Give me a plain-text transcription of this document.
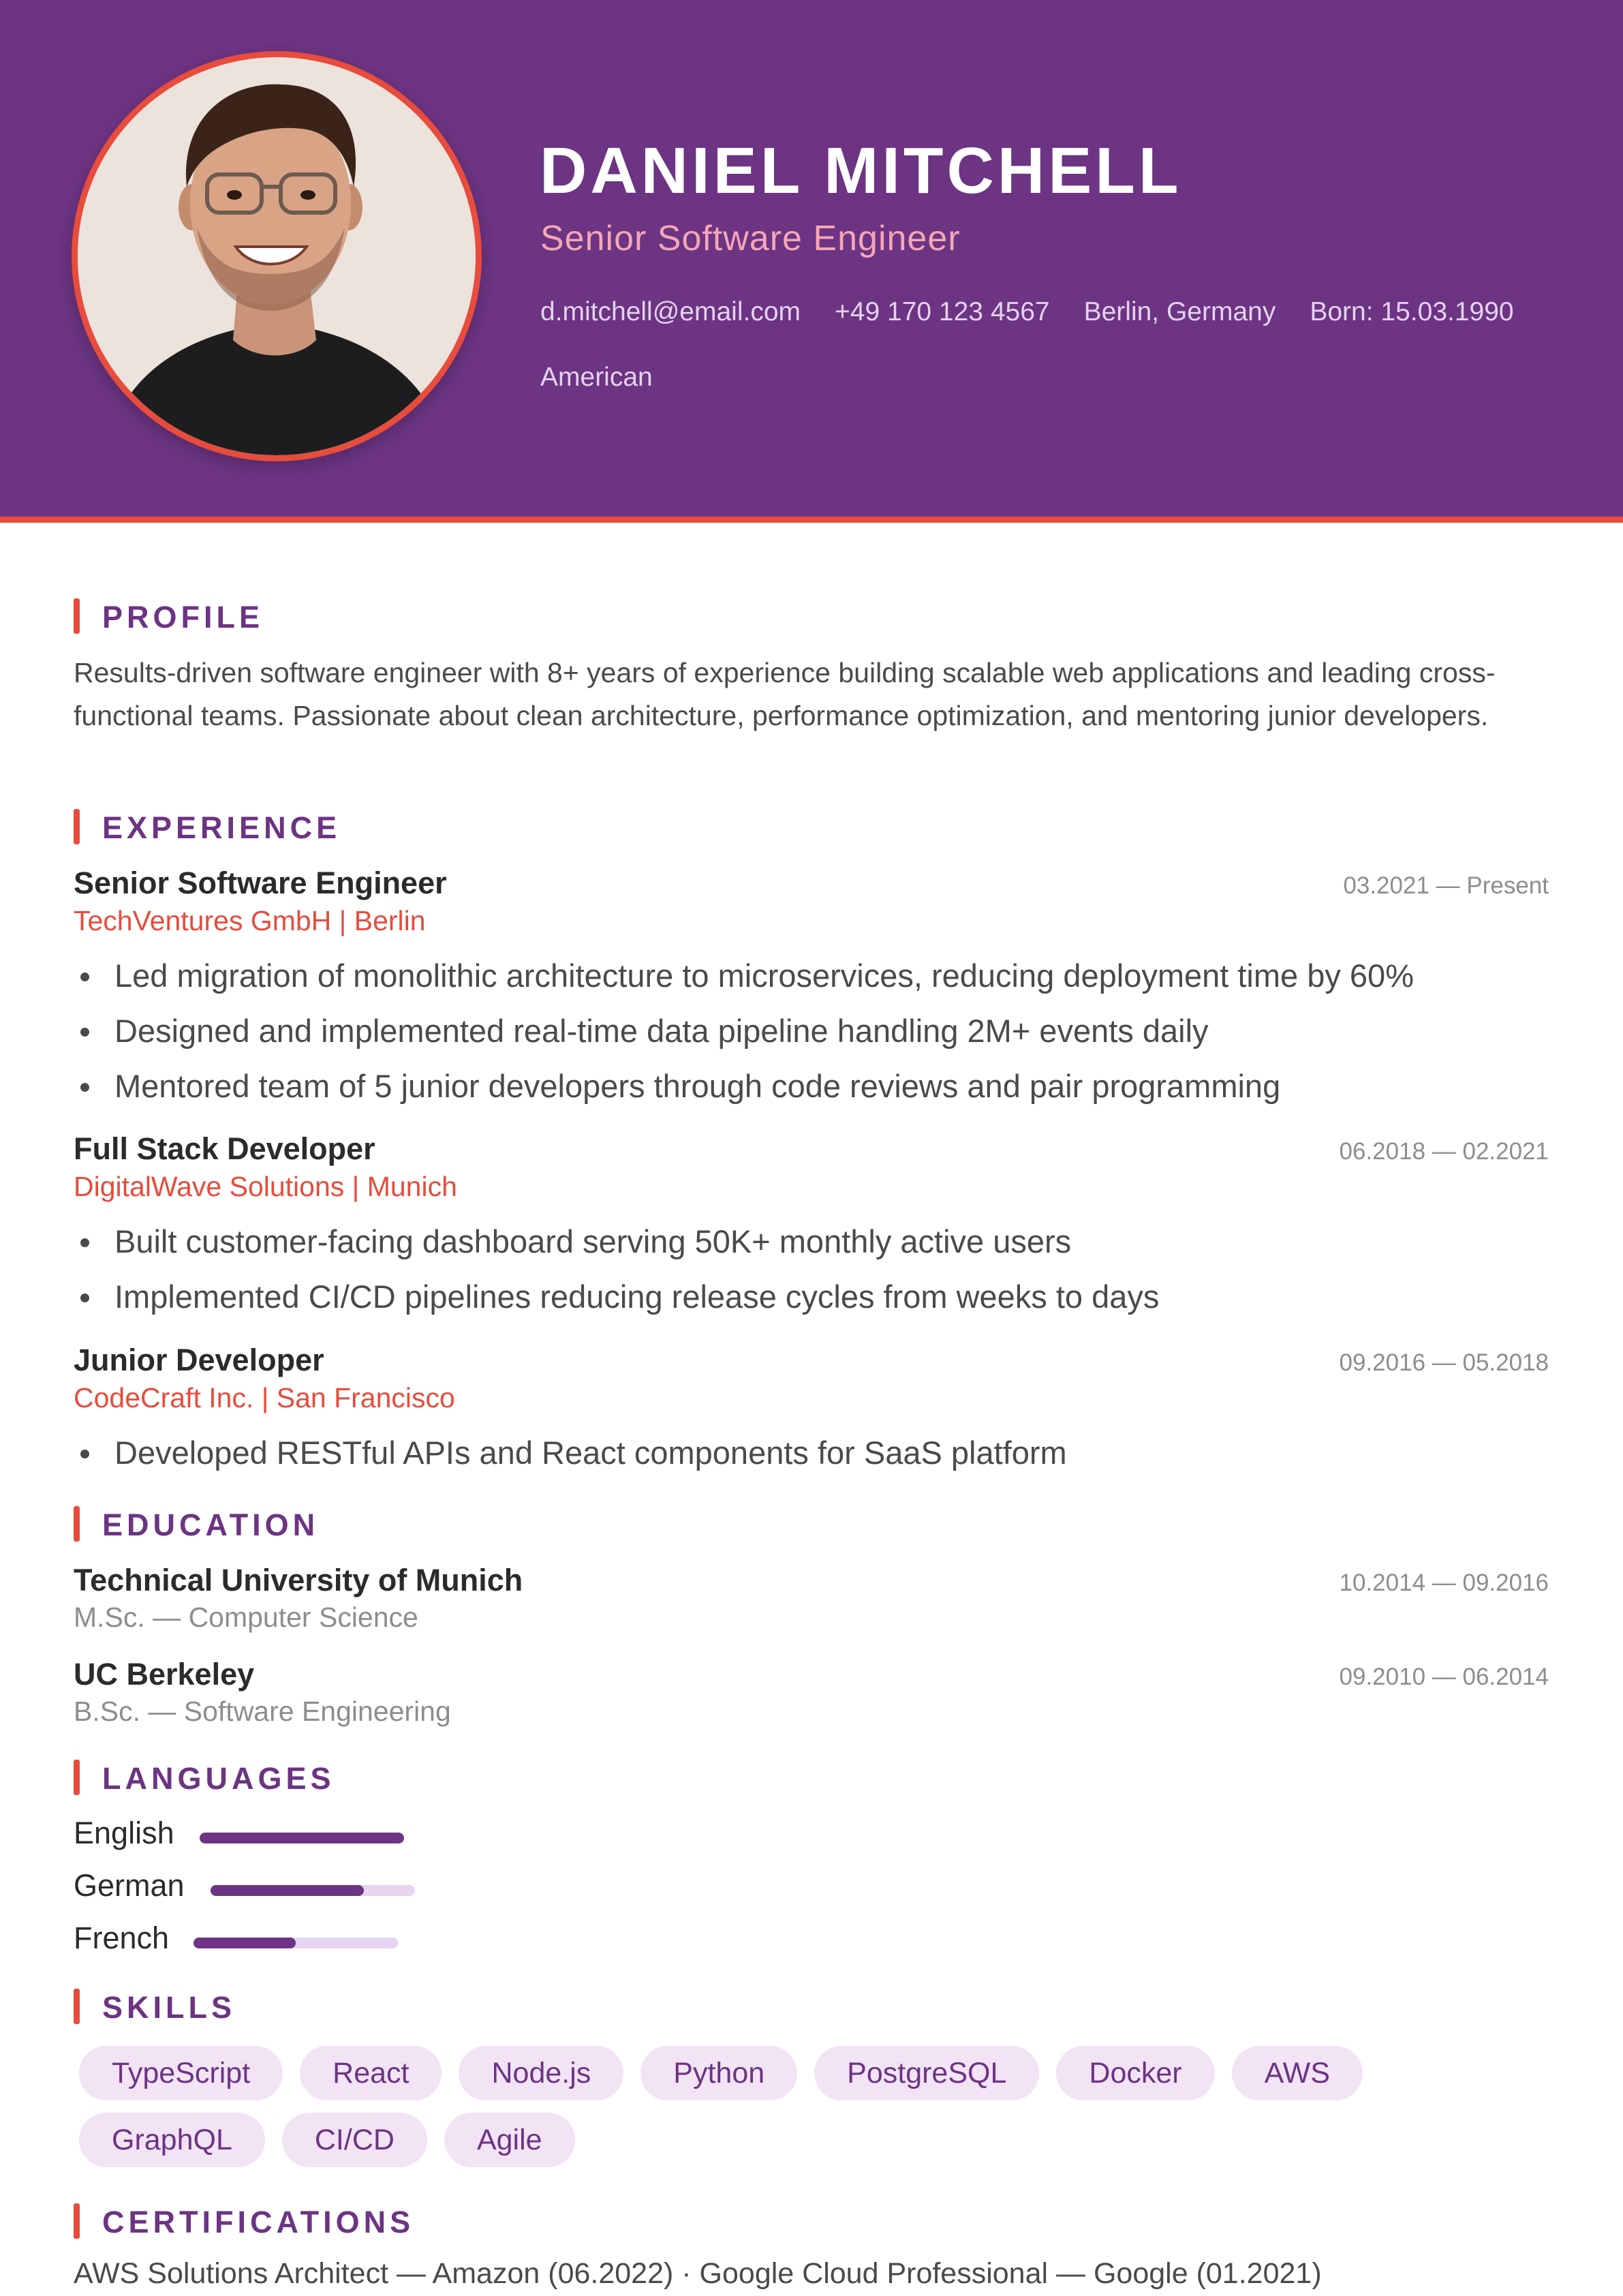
DANIEL MITCHELL
Senior Software Engineer
d.mitchell@email.com +49 170 123 4567 Berlin, Germany Born: 15.03.1990American
PROFILE
Results-driven software engineer with 8+ years of experience building scalable web applications and leading cross-functional teams. Passionate about clean architecture, performance optimization, and mentoring junior developers.
EXPERIENCE
Senior Software Engineer	03.2021 — Present
TechVentures GmbH | Berlin
Led migration of monolithic architecture to microservices, reducing deployment time by 60%
Designed and implemented real-time data pipeline handling 2M+ events daily
Mentored team of 5 junior developers through code reviews and pair programming
Full Stack Developer	06.2018 — 02.2021
DigitalWave Solutions | Munich
Built customer-facing dashboard serving 50K+ monthly active users
Implemented CI/CD pipelines reducing release cycles from weeks to days
Junior Developer	09.2016 — 05.2018
CodeCraft Inc. | San Francisco
Developed RESTful APIs and React components for SaaS platform
EDUCATION
Technical University of Munich	10.2014 — 09.2016
M.Sc. — Computer Science
UC Berkeley	09.2010 — 06.2014
B.Sc. — Software Engineering
LANGUAGES
English
German
French
SKILLS
TypeScript	React	Node.js	Python	PostgreSQL	Docker	AWS
GraphQL	CI/CD	Agile
CERTIFICATIONS
AWS Solutions Architect — Amazon (06.2022) · Google Cloud Professional — Google (01.2021)
